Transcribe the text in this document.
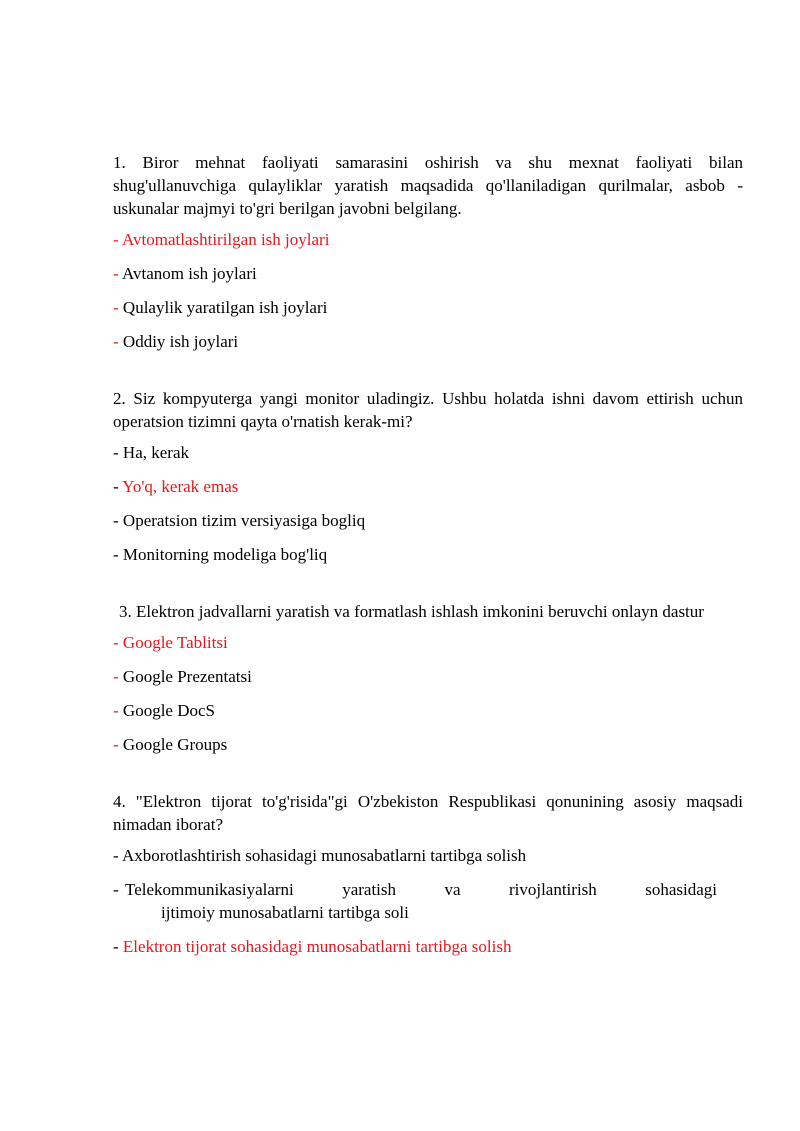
1. Biror mehnat faoliyati samarasini oshirish va shu mexnat faoliyati bilan shug'ullanuvchiga qulayliklar yaratish maqsadida qo'llaniladigan qurilmalar, asbob -uskunalar majmyi to'gri berilgan javobni belgilang.

- Avtomatlashtirilgan ish joylari
- Avtanom ish joylari
- Qulaylik yaratilgan ish joylari
- Oddiy ish joylari

2. Siz kompyuterga yangi monitor uladingiz. Ushbu holatda ishni davom ettirish uchun operatsion tizimni qayta o'rnatish kerak-mi?

- Ha, kerak
- Yo'q, kerak emas
- Operatsion tizim versiyasiga bogliq
- Monitorning modeliga bog'liq

3. Elektron jadvallarni yaratish va formatlash ishlash imkonini beruvchi onlayn dastur

- Google Tablitsi
- Google Prezentatsi
- Google DocS
- Google Groups

4. "Elektron tijorat to'g'risida"gi O'zbekiston Respublikasi qonunining asosiy maqsadi nimadan iborat?

- Axborotlashtirish sohasidagi munosabatlarni tartibga solish
- Telekommunikasiyalarni yaratish va rivojlantirish sohasidagi
ijtimoiy munosabatlarni tartibga soli
- Elektron tijorat sohasidagi munosabatlarni tartibga solish
